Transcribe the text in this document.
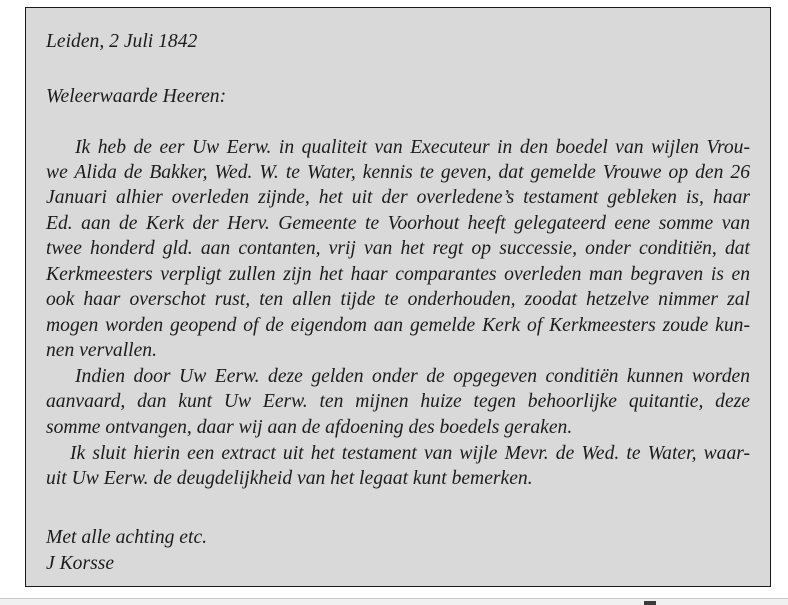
Leiden, 2 Juli 1842
Weleerwaarde Heeren:
Ik heb de eer Uw Eerw. in qualiteit van Executeur in den boedel van wijlen Vrou-
we Alida de Bakker, Wed. W. te Water, kennis te geven, dat gemelde Vrouwe op den 26
Januari alhier overleden zijnde, het uit der overledene’s testament gebleken is, haar
Ed. aan de Kerk der Herv. Gemeente te Voorhout heeft gelegateerd eene somme van
twee honderd gld. aan contanten, vrij van het regt op successie, onder conditiën, dat
Kerkmeesters verpligt zullen zijn het haar comparantes overleden man begraven is en
ook haar overschot rust, ten allen tijde te onderhouden, zoodat hetzelve nimmer zal
mogen worden geopend of de eigendom aan gemelde Kerk of Kerkmeesters zoude kun-
nen vervallen.
Indien door Uw Eerw. deze gelden onder de opgegeven conditiën kunnen worden
aanvaard, dan kunt Uw Eerw. ten mijnen huize tegen behoorlijke quitantie, deze
somme ontvangen, daar wij aan de afdoening des boedels geraken.
Ik sluit hierin een extract uit het testament van wijle Mevr. de Wed. te Water, waar-
uit Uw Eerw. de deugdelijkheid van het legaat kunt bemerken.
Met alle achting etc.
J Korsse
